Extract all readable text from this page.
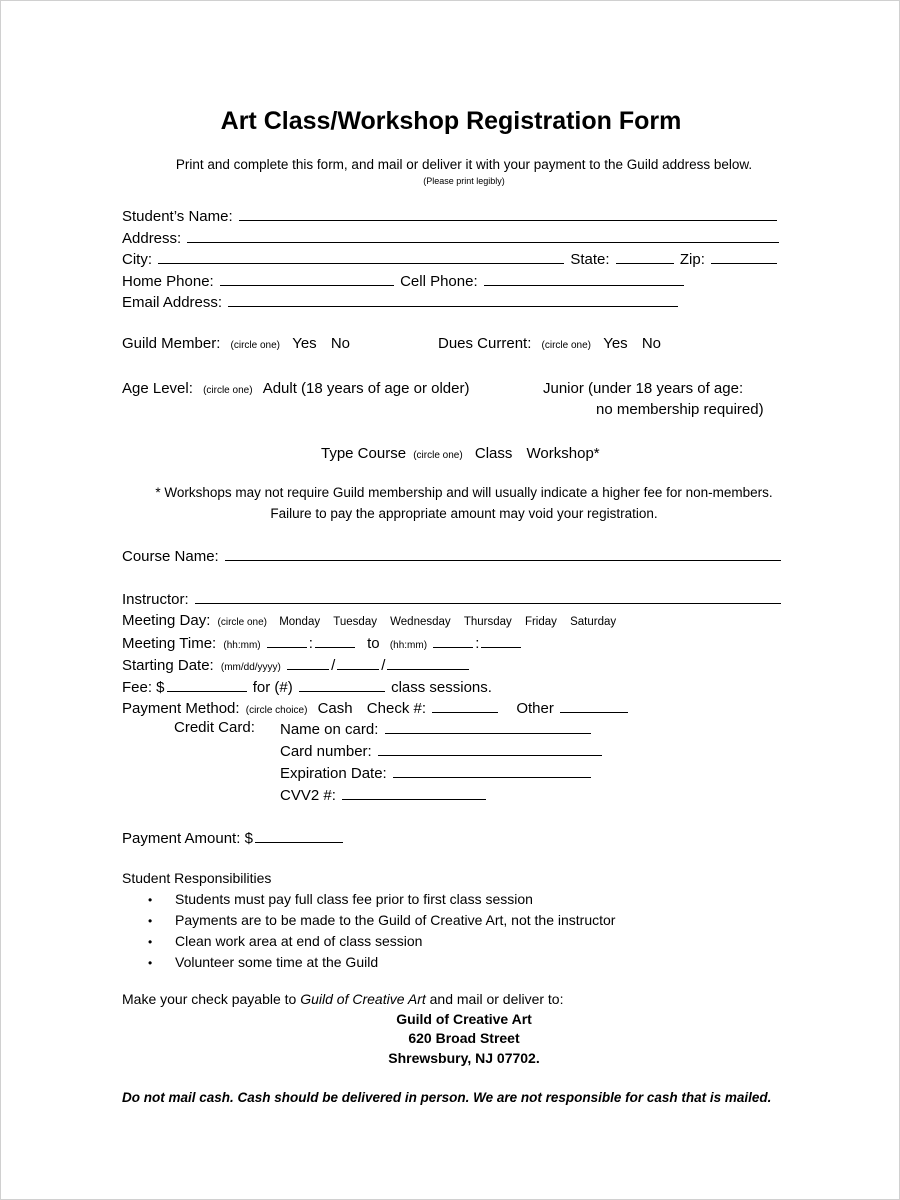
Art Class/Workshop Registration Form
Print and complete this form, and mail or deliver it with your payment to the Guild address below.
(Please print legibly)
Student’s Name:
Address:
City:	State:	Zip:
Home Phone:	Cell Phone:
Email Address:
Guild Member: (circle one) Yes No	Dues Current: (circle one) Yes No
Age Level: (circle one) Adult (18 years of age or older)	Junior (under 18 years of age:
no membership required)
Type Course (circle one) Class Workshop*
* Workshops may not require Guild membership and will usually indicate a higher fee for non-members.
Failure to pay the appropriate amount may void your registration.
Course Name:
Instructor:
Meeting Day: (circle one) Monday Tuesday Wednesday Thursday Friday Saturday
Meeting Time: (hh:mm)	:	to (hh:mm)	:
Starting Date: (mm/dd/yyyy)	/	/
Fee: $	for (#)	class sessions.
Payment Method: (circle choice) Cash Check #:	Other
Credit Card: Name on card:
Card number:
Expiration Date:
CVV2 #:
Payment Amount: $
Student Responsibilities
• Students must pay full class fee prior to first class session
• Payments are to be made to the Guild of Creative Art, not the instructor
• Clean work area at end of class session
• Volunteer some time at the Guild
Make your check payable to Guild of Creative Art and mail or deliver to:
Guild of Creative Art
620 Broad Street
Shrewsbury, NJ 07702.
Do not mail cash. Cash should be delivered in person. We are not responsible for cash that is mailed.
